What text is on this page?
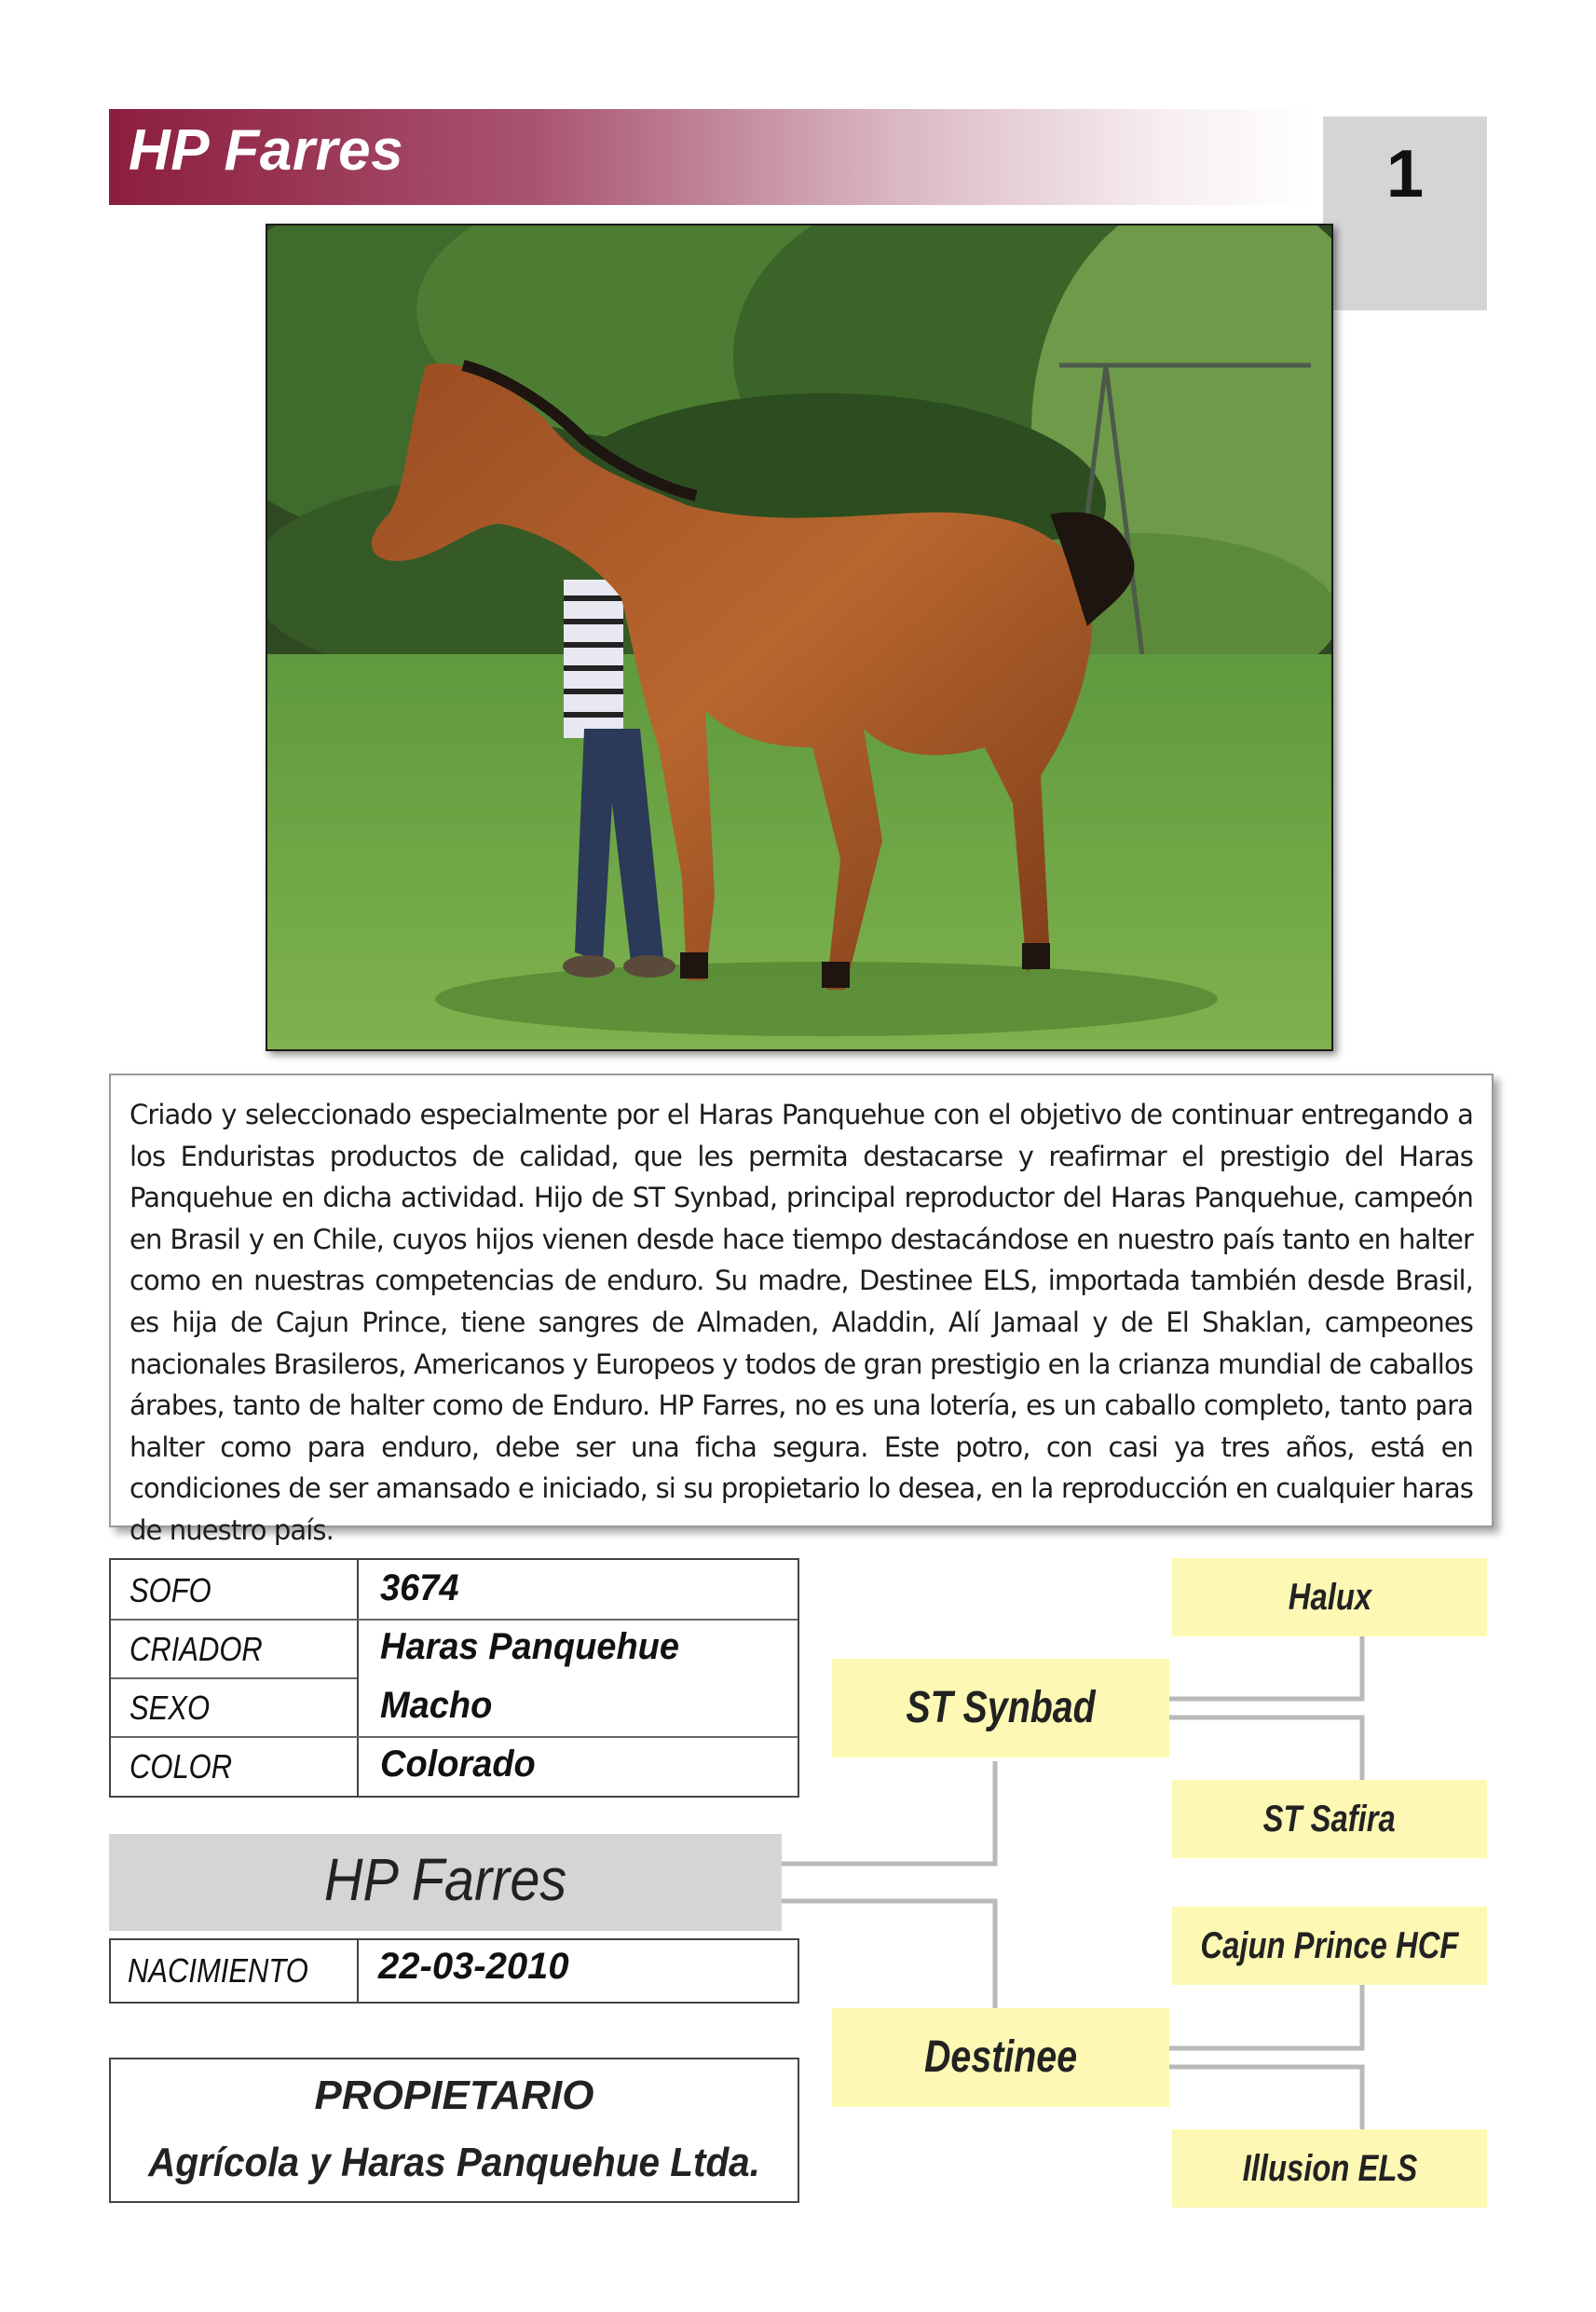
HP Farres	1
Criado y seleccionado especialmente por el Haras Panquehue con el objetivo de continuar entregando a los Enduristas productos de calidad, que les permita destacarse y reafirmar el prestigio del Haras Panquehue en dicha actividad. Hijo de ST Synbad, principal reproductor del Haras Panquehue, campeón en Brasil y en Chile, cuyos hijos vienen desde hace tiempo destacándose en nuestro país tanto en halter como en nuestras competencias de enduro. Su madre, Destinee ELS, importada también desde Brasil, es hija de Cajun Prince, tiene sangres de Almaden, Aladdin, Alí Jamaal y de El Shaklan, campeones nacionales Brasileros, Americanos y Europeos y todos de gran prestigio en la crianza mundial de caballos árabes, tanto de halter como de Enduro. HP Farres, no es una lotería, es un caballo completo, tanto para halter como para enduro, debe ser una ficha segura. Este potro, con casi ya tres años, está en condiciones de ser amansado e iniciado, si su propietario lo desea, en la reproducción en cualquier haras de nuestro país.
SOFO	3674
CRIADOR	Haras Panquehue
SEXO	Macho
COLOR	Colorado
HP Farres
NACIMIENTO 22-03-2010
PROPIETARIO
Agrícola y Haras Panquehue Ltda.
Halux
ST Synbad
ST Safira
Cajun Prince HCF
Destinee
Illusion ELS
